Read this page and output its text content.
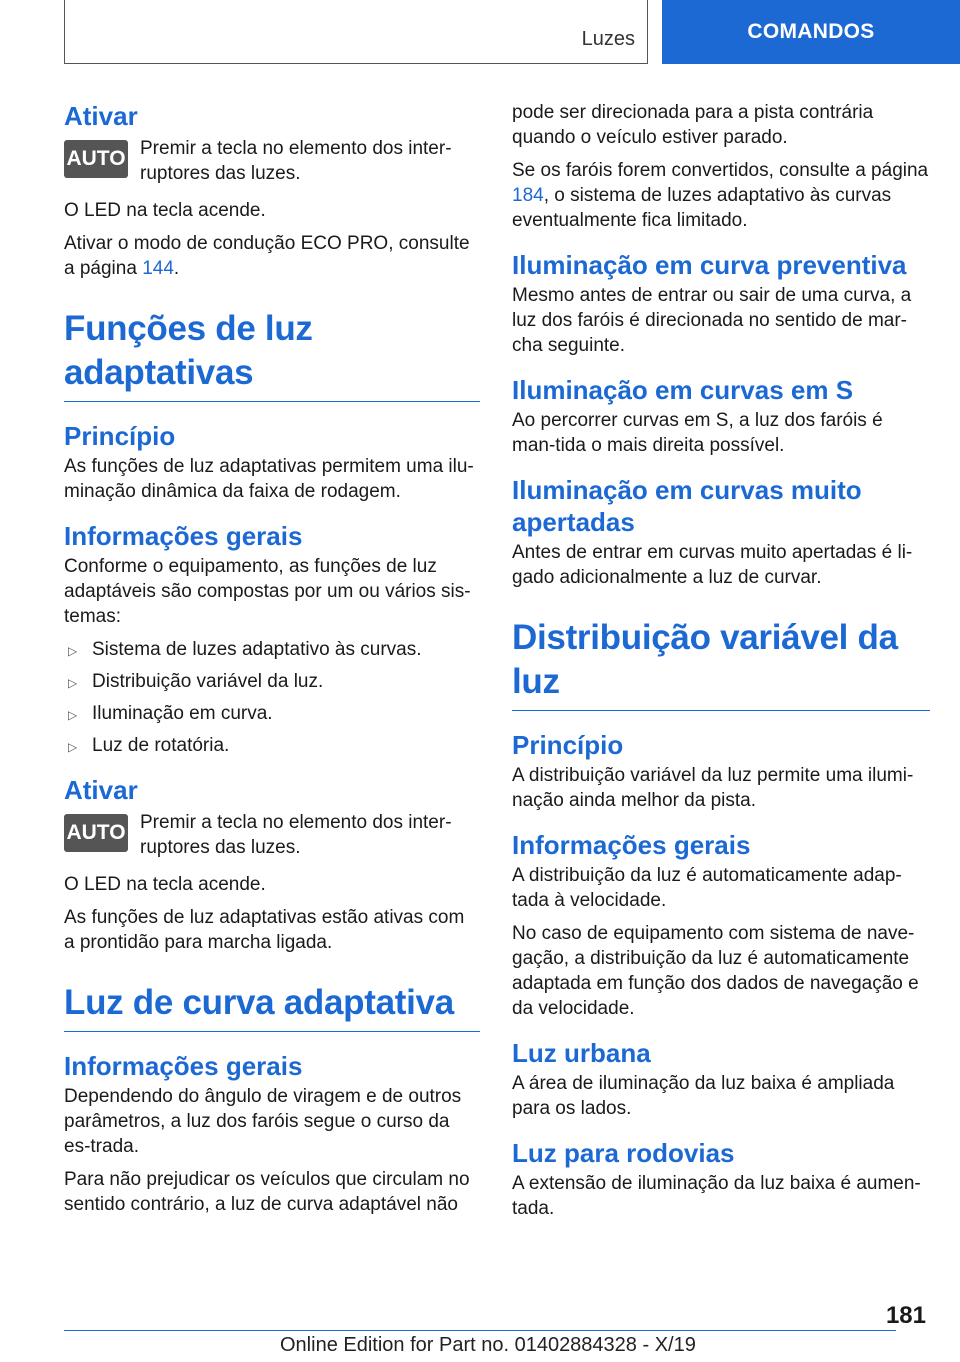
Luzes	COMANDOS
Ativar
AUTO Premir a tecla no elemento dos inter-ruptores das luzes.

O LED na tecla acende.

Ativar o modo de condução ECO PRO, consulte a página 144.

Funções de luz adaptativas
Princípio

As funções de luz adaptativas permitem uma ilu-minação dinâmica da faixa de rodagem.

Informações gerais

Conforme o equipamento, as funções de luz adaptáveis são compostas por um ou vários sis-temas:

▷ Sistema de luzes adaptativo às curvas.
▷ Distribuição variável da luz.
▷ Iluminação em curva.
▷ Luz de rotatória.
Ativar
AUTO Premir a tecla no elemento dos inter-ruptores das luzes.

O LED na tecla acende.

As funções de luz adaptativas estão ativas com a prontidão para marcha ligada.

Luz de curva adaptativa
Informações gerais

Dependendo do ângulo de viragem e de outros parâmetros, a luz dos faróis segue o curso da es-trada.

Para não prejudicar os veículos que circulam no sentido contrário, a luz de curva adaptável não

pode ser direcionada para a pista contrária quando o veículo estiver parado.

Se os faróis forem convertidos, consulte a página 184, o sistema de luzes adaptativo às curvas eventualmente fica limitado.

Iluminação em curva preventiva

Mesmo antes de entrar ou sair de uma curva, a luz dos faróis é direcionada no sentido de mar-cha seguinte.

Iluminação em curvas em S

Ao percorrer curvas em S, a luz dos faróis é man-tida o mais direita possível.

Iluminação em curvas muito apertadas

Antes de entrar em curvas muito apertadas é li-gado adicionalmente a luz de curvar.

Distribuição variável da luz
Princípio

A distribuição variável da luz permite uma ilumi-nação ainda melhor da pista.

Informações gerais

A distribuição da luz é automaticamente adap-tada à velocidade.

No caso de equipamento com sistema de nave-gação, a distribuição da luz é automaticamente adaptada em função dos dados de navegação e da velocidade.

Luz urbana

A área de iluminação da luz baixa é ampliada para os lados.

Luz para rodovias

A extensão de iluminação da luz baixa é aumen-tada.

181
Online Edition for Part no. 01402884328 - X/19
